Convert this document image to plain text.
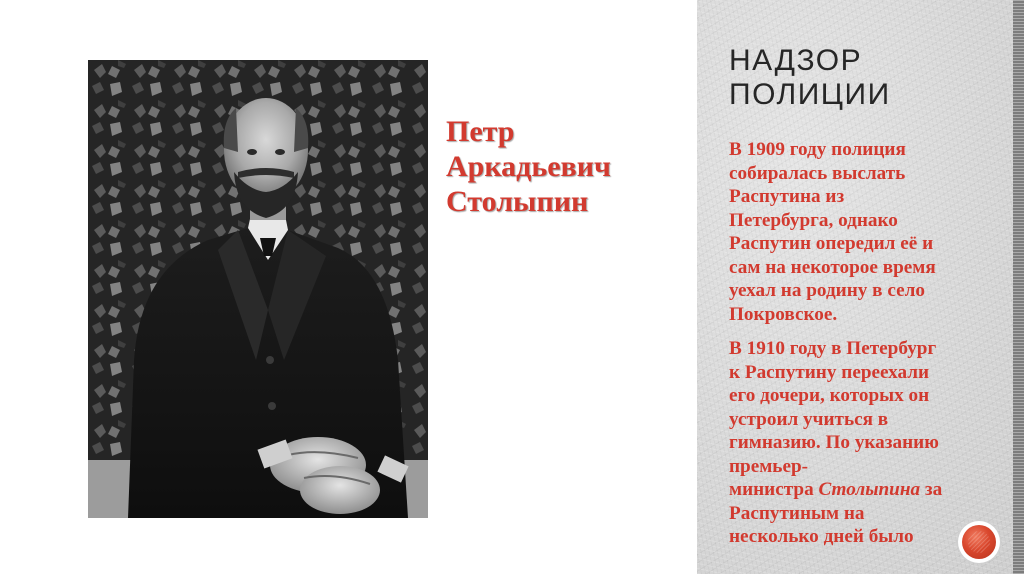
Петр
Аркадьевич
Столыпин
НАДЗОР
ПОЛИЦИИ

В 1909 году полиция
собиралась выслать
Распутина из
Петербурга, однако
Распутин опередил её и
сам на некоторое время
уехал на родину в село
Покровское.

В 1910 году в Петербург
к Распутину переехали
его дочери, которых он
устроил учиться в
гимназию. По указанию
премьер-
министра Столыпина за
Распутиным на
несколько дней было
